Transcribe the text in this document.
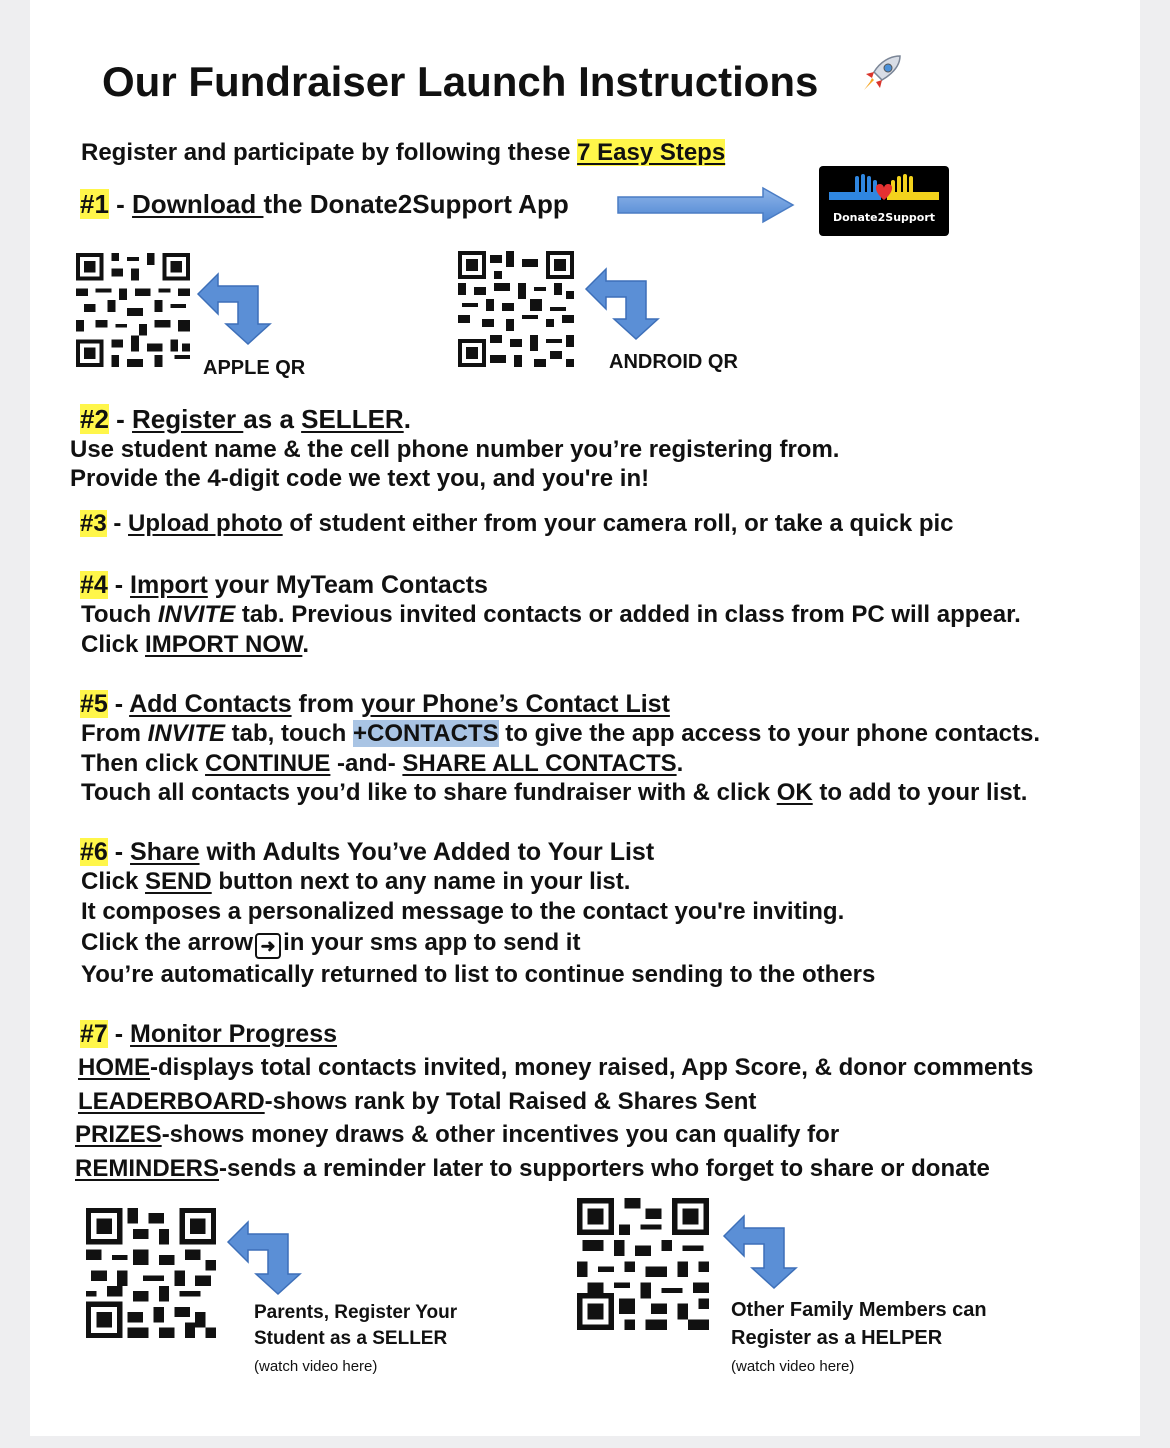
Our Fundraiser Launch Instructions
Register and participate by following these 7 Easy Steps
#1 - Download the Donate2Support App	Donate2Support
APPLE QR	ANDROID QR
#2 - Register as a SELLER.
Use student name & the cell phone number you’re registering from.
Provide the 4-digit code we text you, and you're in!
#3 - Upload photo of student either from your camera roll, or take a quick pic
#4 - Import your MyTeam Contacts
Touch INVITE tab. Previous invited contacts or added in class from PC will appear.
Click IMPORT NOW.
#5 - Add Contacts from your Phone’s Contact List
From INVITE tab, touch +CONTACTS to give the app access to your phone contacts.
Then click CONTINUE -and- SHARE ALL CONTACTS.
Touch all contacts you’d like to share fundraiser with & click OK to add to your list.
#6 - Share with Adults You’ve Added to Your List
Click SEND button next to any name in your list.
It composes a personalized message to the contact you're inviting.
Click the arrow ➜ in your sms app to send it
You’re automatically returned to list to continue sending to the others
#7 - Monitor Progress
HOME-displays total contacts invited, money raised, App Score, & donor comments
LEADERBOARD-shows rank by Total Raised & Shares Sent
PRIZES-shows money draws & other incentives you can qualify for
REMINDERS-sends a reminder later to supporters who forget to share or donate
Parents, Register Your
Student as a SELLER
(watch video here)
Other Family Members can
Register as a HELPER
(watch video here)
